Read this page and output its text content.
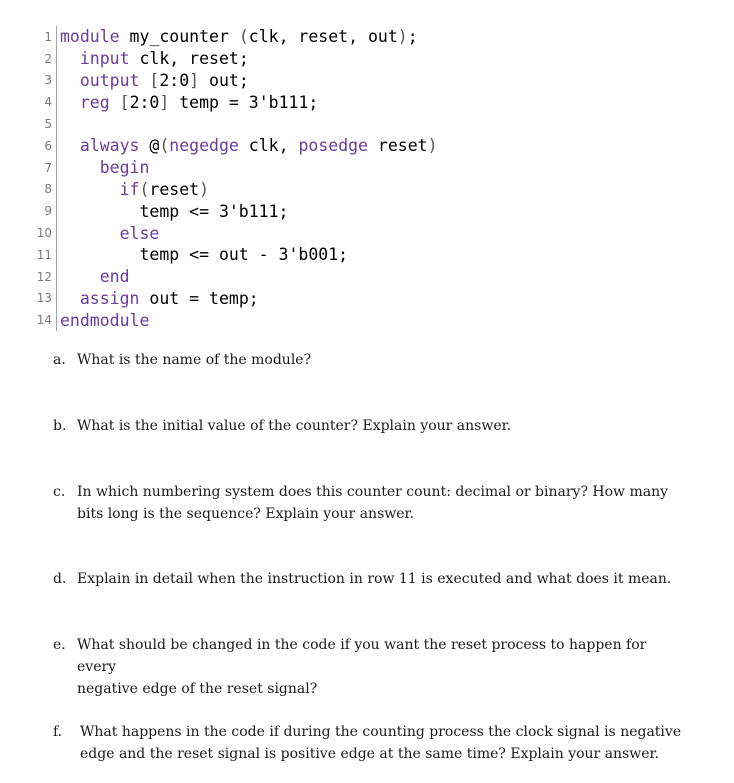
1 module my_counter (clk, reset, out);
2	input clk, reset;
3	output [2:0] out;
4	reg [2:0] temp = 3'b111;
5
6	always @(negedge clk, posedge reset)
7	begin
8	if(reset)
9 temp <= 3'b111;
10	else
11 temp <= out - 3'b001;
12	end
13	assign out = temp;
14 endmodule
a. What is the name of the module?
b. What is the initial value of the counter? Explain your answer.
c. In which numbering system does this counter count: decimal or binary? How many
bits long is the sequence? Explain your answer.
d. Explain in detail when the instruction in row 11 is executed and what does it mean.
e. What should be changed in the code if you want the reset process to happen for every
negative edge of the reset signal?
f. What happens in the code if during the counting process the clock signal is negative
edge and the reset signal is positive edge at the same time? Explain your answer.
